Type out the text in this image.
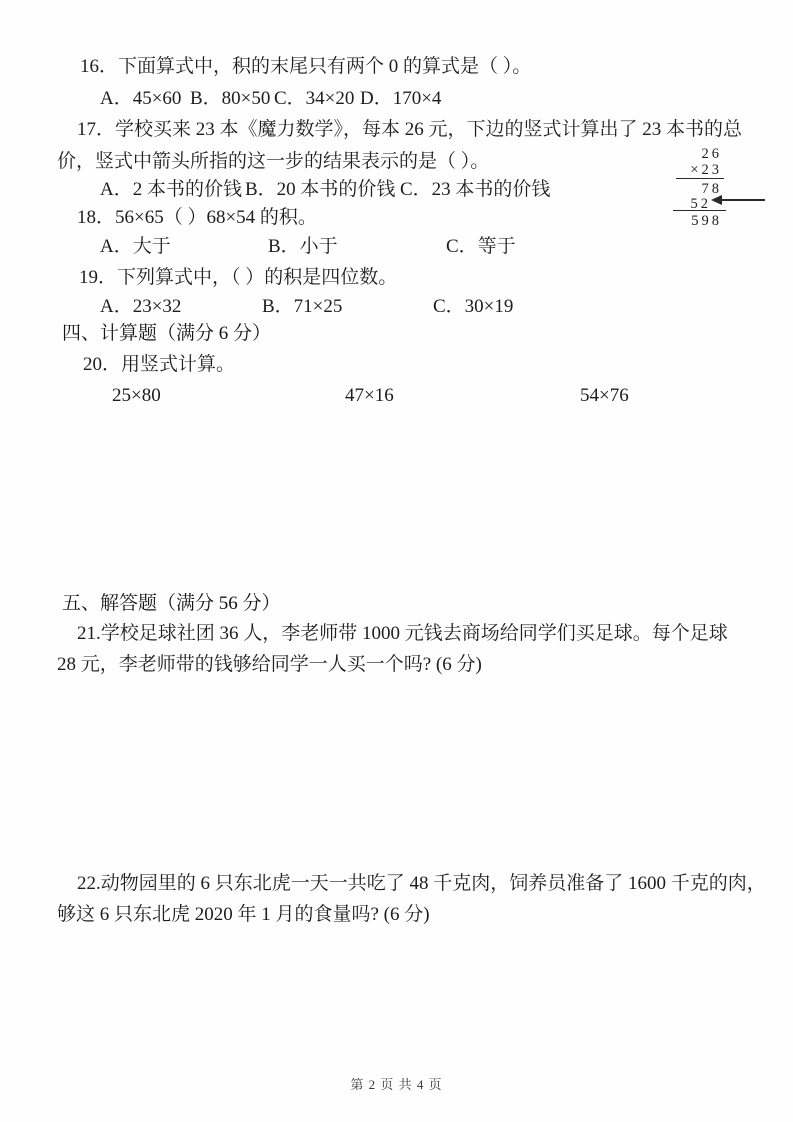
16．下面算式中，积的末尾只有两个 0 的算式是（ ）。
A．45×60 B．80×50 C．34×20 D．170×4
17．学校买来 23 本《魔力数学》，每本 26 元，下边的竖式计算出了 23 本书的总
价，竖式中箭头所指的这一步的结果表示的是（ ）。
A．2 本书的价钱 B．20 本书的价钱 C．23 本书的价钱
26
×23
78
52
598
18．56×65（ ）68×54 的积。
A．大于	B．小于	C．等于
19．下列算式中，（ ）的积是四位数。
A．23×32	B．71×25	C．30×19
四、计算题（满分 6 分）
20．用竖式计算。
25×80	47×16	54×76
五、解答题（满分 56 分）
21.学校足球社团 36 人，李老师带 1000 元钱去商场给同学们买足球。每个足球
28 元，李老师带的钱够给同学一人买一个吗? (6 分)
22.动物园里的 6 只东北虎一天一共吃了 48 千克肉，饲养员准备了 1600 千克的肉，
够这 6 只东北虎 2020 年 1 月的食量吗? (6 分)
第 2 页 共 4 页
